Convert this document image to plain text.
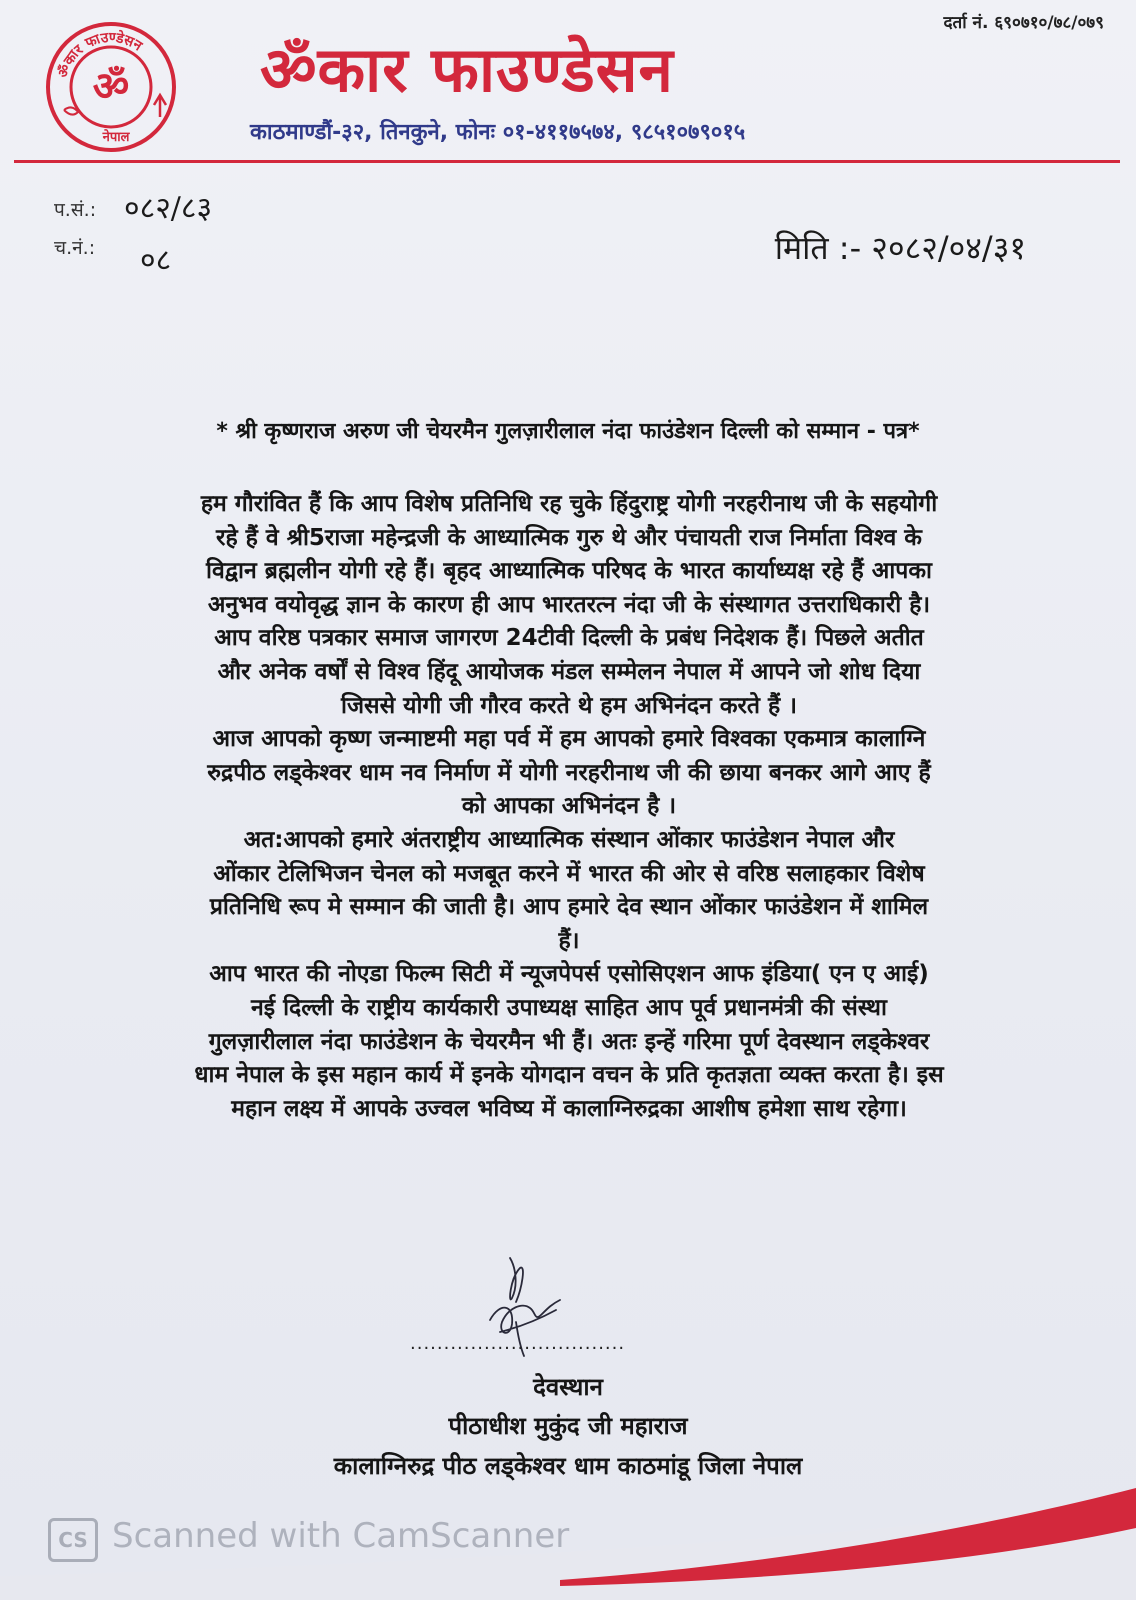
ॐकार फाउण्डेसन
ॐ
नेपाल
दर्ता नं. ६९०७१०/७८/०७९
ॐकार फाउण्डेसन
काठमाण्डौं-३२, तिनकुने, फोनः ०१-४११७५७४, ९८५१०७९०१५
प.सं.: ०८२/८३
च.नं.: ०८	मिति :- २०८२/०४/३१
* श्री कृष्णराज अरुण जी चेयरमैन गुलज़ारीलाल नंदा फाउंडेशन दिल्ली को सम्मान - पत्र*

हम गौरांवित हैं कि आप विशेष प्रतिनिधि रह चुके हिंदुराष्ट्र योगी नरहरीनाथ जी के सहयोगी

रहे हैं वे श्री5राजा महेन्द्रजी के आध्यात्मिक गुरु थे और पंचायती राज निर्माता विश्व के

विद्वान ब्रह्मलीन योगी रहे हैं। बृहद आध्यात्मिक परिषद के भारत कार्याध्यक्ष रहे हैं आपका

अनुभव वयोवृद्ध ज्ञान के कारण ही आप भारतरत्न नंदा जी के संस्थागत उत्तराधिकारी है।

आप वरिष्ठ पत्रकार समाज जागरण 24टीवी दिल्ली के प्रबंध निदेशक हैं। पिछले अतीत

और अनेक वर्षों से विश्व हिंदू आयोजक मंडल सम्मेलन नेपाल में आपने जो शोध दिया

जिससे योगी जी गौरव करते थे हम अभिनंदन करते हैं ।

आज आपको कृष्ण जन्माष्टमी महा पर्व में हम आपको हमारे विश्वका एकमात्र कालाग्नि

रुद्रपीठ लड्केश्वर धाम नव निर्माण में योगी नरहरीनाथ जी की छाया बनकर आगे आए हैं

को आपका अभिनंदन है ।

अत:आपको हमारे अंतराष्ट्रीय आध्यात्मिक संस्थान ओंकार फाउंडेशन नेपाल और

ओंकार टेलिभिजन चेनल को मजबूत करने में भारत की ओर से वरिष्ठ सलाहकार विशेष

प्रतिनिधि रूप मे सम्मान की जाती है। आप हमारे देव स्थान ओंकार फाउंडेशन में शामिल

हैं।

आप भारत की नोएडा फिल्म सिटी में न्यूजपेपर्स एसोसिएशन आफ इंडिया( एन ए आई)

नई दिल्ली के राष्ट्रीय कार्यकारी उपाध्यक्ष साहित आप पूर्व प्रधानमंत्री की संस्था

गुलज़ारीलाल नंदा फाउंडेशन के चेयरमैन भी हैं। अतः इन्हें गरिमा पूर्ण देवस्थान लड्केश्वर

धाम नेपाल के इस महान कार्य में इनके योगदान वचन के प्रति कृतज्ञता व्यक्त करता है। इस

महान लक्ष्य में आपके उज्वल भविष्य में कालाग्निरुद्रका आशीष हमेशा साथ रहेगा।

................................
देवस्थान
पीठाधीश मुकुंद जी महाराज
कालाग्निरुद्र पीठ लड्केश्वर धाम काठमांडू जिला नेपाल
CS Scanned with CamScanner
